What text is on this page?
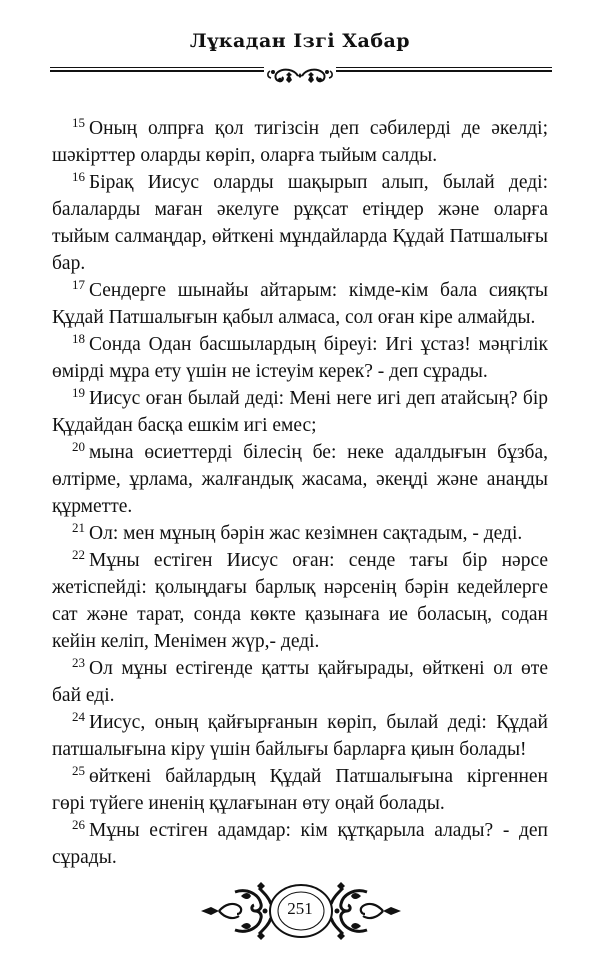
Лұкадан Ізгі Хабар

$^{15}$ Оның олпрға қол тигізсін деп сәбилерді де әкелді; шәкірттер оларды көріп, оларға тыйым салды.

$^{16}$ Бірақ Иисус оларды шақырып алып, былай деді: балаларды маған әкелуге рұқсат етіңдер және оларға тыйым салмаңдар, өйткені мұндайларда Құдай Патшалығы бар.

$^{17}$ Сендерге шынайы айтарым: кімде-кім бала сияқты Құдай Патшалығын қабыл алмаса, сол оған кіре алмайды.

$^{18}$ Сонда Одан басшылардың біреуі: Игі ұстаз! мәңгілік өмірді мұра ету үшін не істеуім керек? - деп сұрады.

$^{19}$ Иисус оған былай деді: Мені неге игі деп атайсың? бір Құдайдан басқа ешкім игі емес;

$^{20}$ мына өсиеттерді білесің бе: неке адалдығын бұзба, өлтірме, ұрлама, жалғандық жасама, әкеңді және анаңды құрметте.

$^{21}$ Ол: мен мұның бәрін жас кезімнен сақтадым, - деді.

$^{22}$ Мұны естіген Иисус оған: сенде тағы бір нәрсе жетіспейді: қолыңдағы барлық нәрсенің бәрін кедейлерге сат және тарат, сонда көкте қазынаға ие боласың, содан кейін келіп, Менімен жүр,- деді.

$^{23}$ Ол мұны естігенде қатты қайғырады, өйткені ол өте бай еді.

$^{24}$ Иисус, оның қайғырғанын көріп, былай деді: Құдай патшалығына кіру үшін байлығы барларға қиын болады!

$^{25}$ өйткені байлардың Құдай Патшалығына кіргеннен гөрі түйеге иненің құлағынан өту оңай болады.

$^{26}$ Мұны естіген адамдар: кім құтқарыла алады? - деп сұрады.

251
